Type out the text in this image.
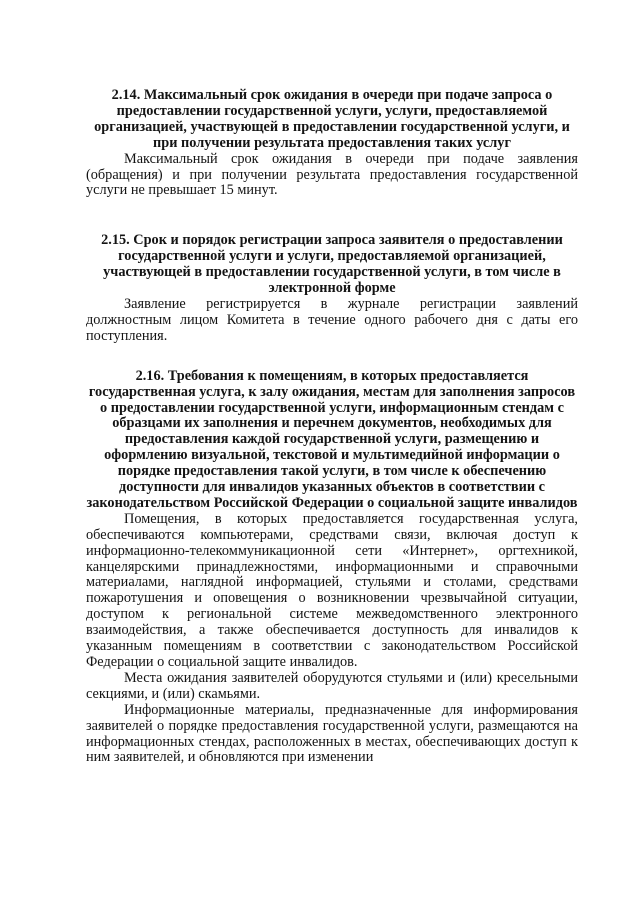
2.14. Максимальный срок ожидания в очереди при подаче запроса о предоставлении государственной услуги, услуги, предоставляемой организацией, участвующей в предоставлении государственной услуги, и при получении результата предоставления таких услуг

Максимальный срок ожидания в очереди при подаче заявления (обращения) и при получении результата предоставления государственной услуги не превышает 15 минут.

2.15. Срок и порядок регистрации запроса заявителя о предоставлении государственной услуги и услуги, предоставляемой организацией, участвующей в предоставлении государственной услуги, в том числе в электронной форме

Заявление регистрируется в журнале регистрации заявлений должностным лицом Комитета в течение одного рабочего дня с даты его поступления.

2.16. Требования к помещениям, в которых предоставляется государственная услуга, к залу ожидания, местам для заполнения запросов о предоставлении государственной услуги, информационным стендам с образцами их заполнения и перечнем документов, необходимых для предоставления каждой государственной услуги, размещению и оформлению визуальной, текстовой и мультимедийной информации о порядке предоставления такой услуги, в том числе к обеспечению доступности для инвалидов указанных объектов в соответствии с законодательством Российской Федерации о социальной защите инвалидов

Помещения, в которых предоставляется государственная услуга, обеспечиваются компьютерами, средствами связи, включая доступ к информационно-телекоммуникационной сети «Интернет», оргтехникой, канцелярскими принадлежностями, информационными и справочными материалами, наглядной информацией, стульями и столами, средствами пожаротушения и оповещения о возникновении чрезвычайной ситуации, доступом к региональной системе межведомственного электронного взаимодействия, а также обеспечивается доступность для инвалидов к указанным помещениям в соответствии с законодательством Российской Федерации о социальной защите инвалидов.

Места ожидания заявителей оборудуются стульями и (или) кресельными секциями, и (или) скамьями.

Информационные материалы, предназначенные для информирования заявителей о порядке предоставления государственной услуги, размещаются на информационных стендах, расположенных в местах, обеспечивающих доступ к ним заявителей, и обновляются при изменении
